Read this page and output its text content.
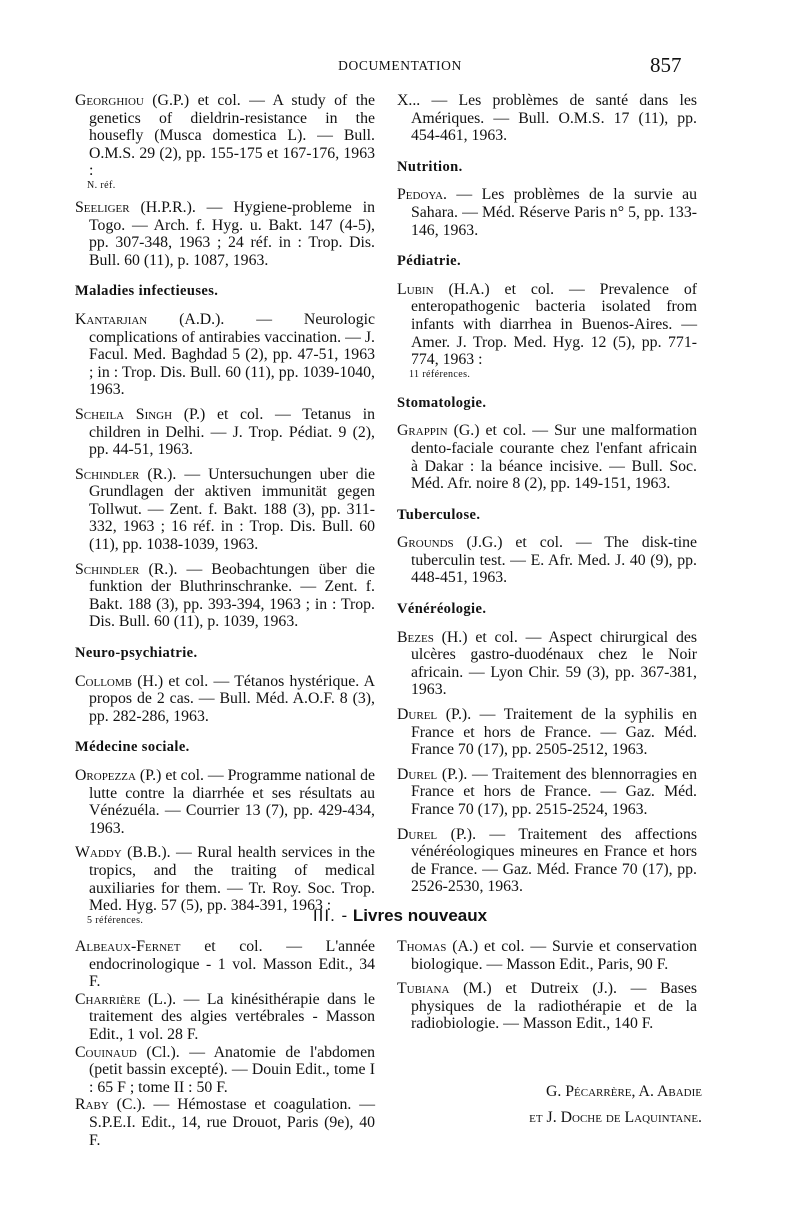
DOCUMENTATION	857
Georghiou (G.P.) et col. — A study of the genetics of dieldrin-resistance in the housefly (Musca domestica L). — Bull. O.M.S. 29 (2), pp. 155-175 et 167-176, 1963 :
N. réf.
Seeliger (H.P.R.). — Hygiene-probleme in Togo. — Arch. f. Hyg. u. Bakt. 147 (4-5), pp. 307-348, 1963 ; 24 réf. in : Trop. Dis. Bull. 60 (11), p. 1087, 1963.
Maladies infectieuses.
Kantarjian (A.D.). — Neurologic complications of antirabies vaccination. — J. Facul. Med. Baghdad 5 (2), pp. 47-51, 1963 ; in : Trop. Dis. Bull. 60 (11), pp. 1039-1040, 1963.
Scheila Singh (P.) et col. — Tetanus in children in Delhi. — J. Trop. Pédiat. 9 (2), pp. 44-51, 1963.
Schindler (R.). — Untersuchungen uber die Grundlagen der aktiven immunität gegen Tollwut. — Zent. f. Bakt. 188 (3), pp. 311-332, 1963 ; 16 réf. in : Trop. Dis. Bull. 60 (11), pp. 1038-1039, 1963.
Schindler (R.). — Beobachtungen über die funktion der Bluthrinschranke. — Zent. f. Bakt. 188 (3), pp. 393-394, 1963 ; in : Trop. Dis. Bull. 60 (11), p. 1039, 1963.
Neuro-psychiatrie.
Collomb (H.) et col. — Tétanos hystérique. A propos de 2 cas. — Bull. Méd. A.O.F. 8 (3), pp. 282-286, 1963.
Médecine sociale.
Oropezza (P.) et col. — Programme national de lutte contre la diarrhée et ses résultats au Vénézuéla. — Courrier 13 (7), pp. 429-434, 1963.
Waddy (B.B.). — Rural health services in the tropics, and the traiting of medical auxiliaries for them. — Tr. Roy. Soc. Trop. Med. Hyg. 57 (5), pp. 384-391, 1963 :
5 références.
X... — Les problèmes de santé dans les Amériques. — Bull. O.M.S. 17 (11), pp. 454-461, 1963.
Nutrition.
Pedoya. — Les problèmes de la survie au Sahara. — Méd. Réserve Paris n° 5, pp. 133-146, 1963.
Pédiatrie.
Lubin (H.A.) et col. — Prevalence of enteropathogenic bacteria isolated from infants with diarrhea in Buenos-Aires. — Amer. J. Trop. Med. Hyg. 12 (5), pp. 771-774, 1963 :
11 références.
Stomatologie.
Grappin (G.) et col. — Sur une malformation dento-faciale courante chez l'enfant africain à Dakar : la béance incisive. — Bull. Soc. Méd. Afr. noire 8 (2), pp. 149-151, 1963.
Tuberculose.
Grounds (J.G.) et col. — The disk-tine tuberculin test. — E. Afr. Med. J. 40 (9), pp. 448-451, 1963.
Vénéréologie.
Bezes (H.) et col. — Aspect chirurgical des ulcères gastro-duodénaux chez le Noir africain. — Lyon Chir. 59 (3), pp. 367-381, 1963.
Durel (P.). — Traitement de la syphilis en France et hors de France. — Gaz. Méd. France 70 (17), pp. 2505-2512, 1963.
Durel (P.). — Traitement des blennorragies en France et hors de France. — Gaz. Méd. France 70 (17), pp. 2515-2524, 1963.
Durel (P.). — Traitement des affections vénéréologiques mineures en France et hors de France. — Gaz. Méd. France 70 (17), pp. 2526-2530, 1963.
III. - Livres nouveaux
Albeaux-Fernet et col. — L'année endocrinologique - 1 vol. Masson Edit., 34 F.
Charrière (L.). — La kinésithérapie dans le traitement des algies vertébrales - Masson Edit., 1 vol. 28 F.
Couinaud (Cl.). — Anatomie de l'abdomen (petit bassin excepté). — Douin Edit., tome I : 65 F ; tome II : 50 F.
Raby (C.). — Hémostase et coagulation. — S.P.E.I. Edit., 14, rue Drouot, Paris (9e), 40 F.
Thomas (A.) et col. — Survie et conservation biologique. — Masson Edit., Paris, 90 F.
Tubiana (M.) et Dutreix (J.). — Bases physiques de la radiothérapie et de la radiobiologie. — Masson Edit., 140 F.
G. Pécarrère, A. Abadie
et J. Doche de Laquintane.
